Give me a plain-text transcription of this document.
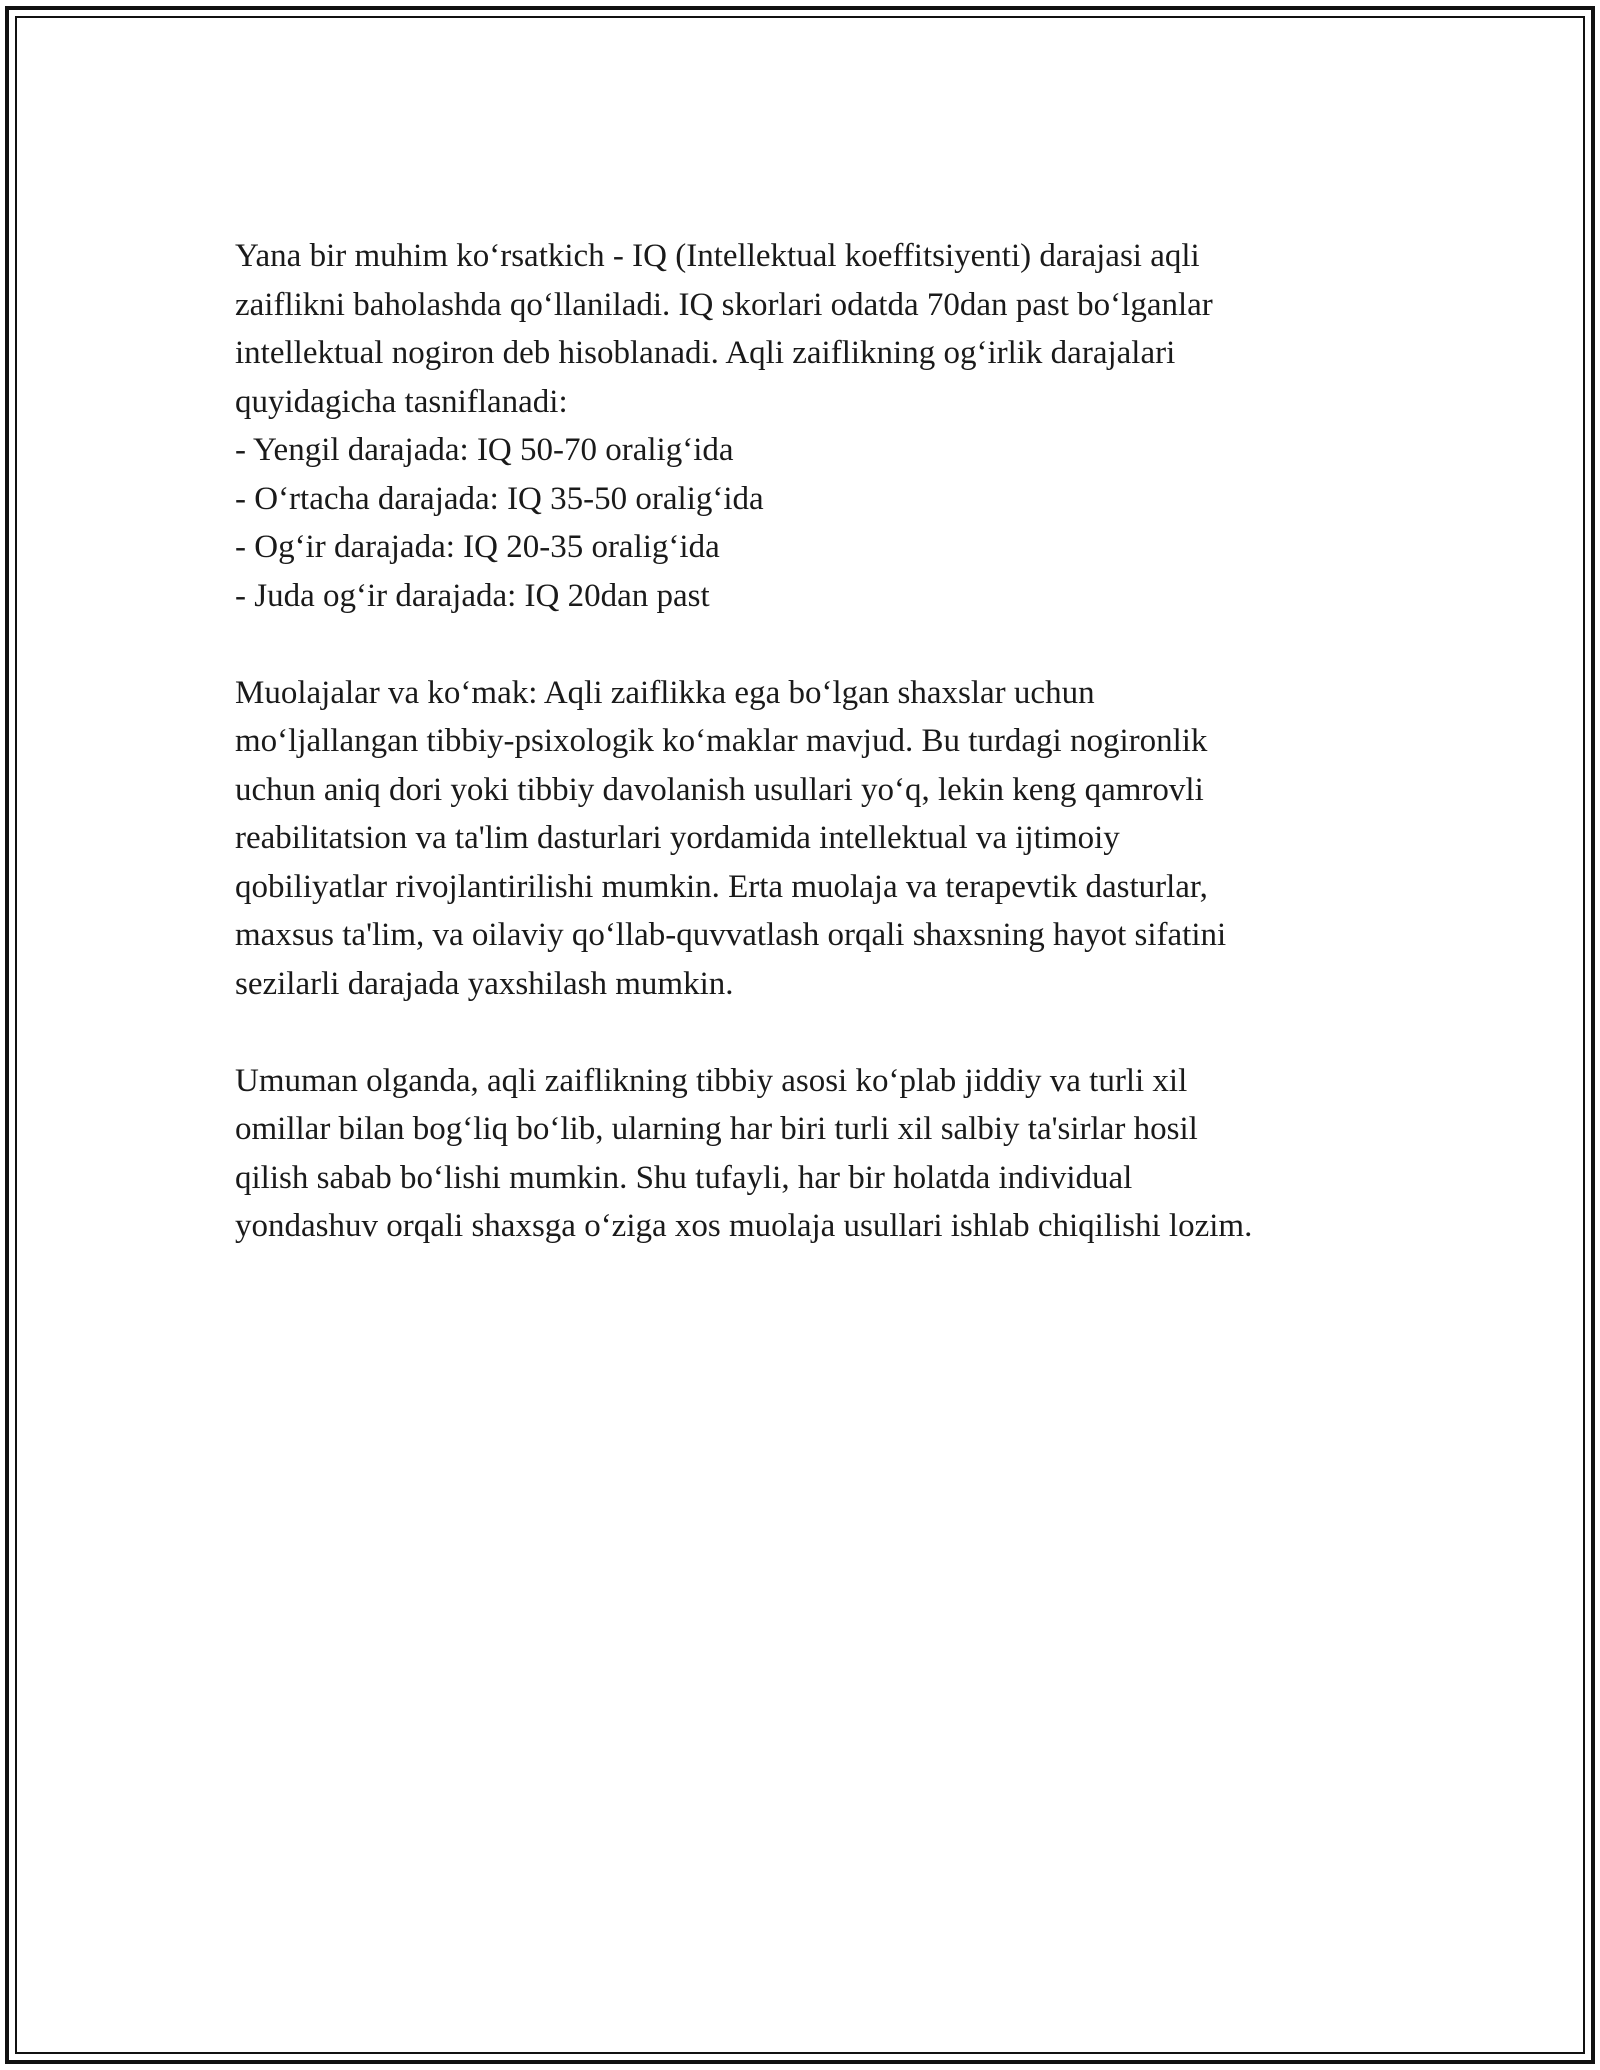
Yana bir muhim ko‘rsatkich - IQ (Intellektual koeffitsiyenti) darajasi aqli
zaiflikni baholashda qo‘llaniladi. IQ skorlari odatda 70dan past bo‘lganlar
intellektual nogiron deb hisoblanadi. Aqli zaiflikning og‘irlik darajalari
quyidagicha tasniflanadi:
- Yengil darajada: IQ 50-70 oralig‘ida
- O‘rtacha darajada: IQ 35-50 oralig‘ida
- Og‘ir darajada: IQ 20-35 oralig‘ida
- Juda og‘ir darajada: IQ 20dan past

Muolajalar va ko‘mak: Aqli zaiflikka ega bo‘lgan shaxslar uchun
mo‘ljallangan tibbiy-psixologik ko‘maklar mavjud. Bu turdagi nogironlik
uchun aniq dori yoki tibbiy davolanish usullari yo‘q, lekin keng qamrovli
reabilitatsion va ta'lim dasturlari yordamida intellektual va ijtimoiy
qobiliyatlar rivojlantirilishi mumkin. Erta muolaja va terapevtik dasturlar,
maxsus ta'lim, va oilaviy qo‘llab-quvvatlash orqali shaxsning hayot sifatini
sezilarli darajada yaxshilash mumkin.

Umuman olganda, aqli zaiflikning tibbiy asosi ko‘plab jiddiy va turli xil
omillar bilan bog‘liq bo‘lib, ularning har biri turli xil salbiy ta'sirlar hosil
qilish sabab bo‘lishi mumkin. Shu tufayli, har bir holatda individual
yondashuv orqali shaxsga o‘ziga xos muolaja usullari ishlab chiqilishi lozim.
